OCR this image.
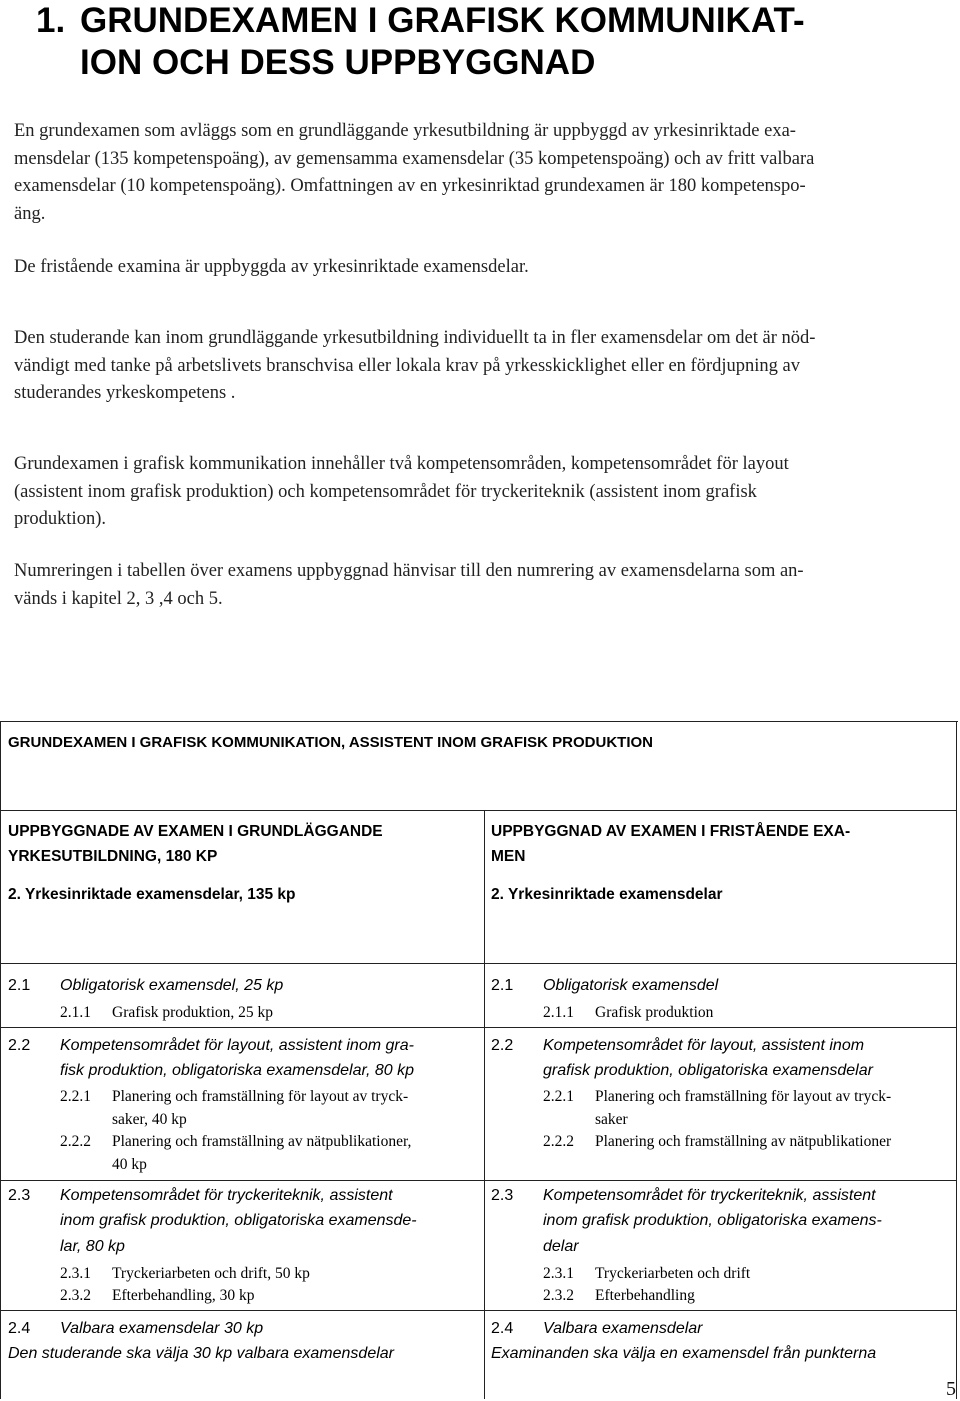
1. GRUNDEXAMEN I GRAFISK KOMMUNIKAT-
ION OCH DESS UPPBYGGNAD
En grundexamen som avläggs som en grundläggande yrkesutbildning är uppbyggd av yrkesinriktade exa-
mensdelar (135 kompetenspoäng), av gemensamma examensdelar (35 kompetenspoäng) och av fritt valbara
examensdelar (10 kompetenspoäng). Omfattningen av en yrkesinriktad grundexamen är 180 kompetenspo-
äng.
De fristående examina är uppbyggda av yrkesinriktade examensdelar.
Den studerande kan inom grundläggande yrkesutbildning individuellt ta in fler examensdelar om det är nöd-
vändigt med tanke på arbetslivets branschvisa eller lokala krav på yrkesskicklighet eller en fördjupning av
studerandes yrkeskompetens .
Grundexamen i grafisk kommunikation innehåller två kompetensområden, kompetensområdet för layout
(assistent inom grafisk produktion) och kompetensområdet för tryckeriteknik (assistent inom grafisk
produktion).
Numreringen i tabellen över examens uppbyggnad hänvisar till den numrering av examensdelarna som an-
vänds i kapitel 2, 3 ,4 och 5.
GRUNDEXAMEN I GRAFISK KOMMUNIKATION, ASSISTENT INOM GRAFISK PRODUKTION
UPPBYGGNADE AV EXAMEN I GRUNDLÄGGANDE
YRKESUTBILDNING, 180 KP
2. Yrkesinriktade examensdelar, 135 kp
UPPBYGGNAD AV EXAMEN I FRISTÅENDE EXA-
MEN
2. Yrkesinriktade examensdelar
2.1 Obligatorisk examensdel, 25 kp
2.1.1 Grafisk produktion, 25 kp
2.1 Obligatorisk examensdel
2.1.1 Grafisk produktion
2.2 Kompetensområdet för layout, assistent inom gra-
fisk produktion, obligatoriska examensdelar, 80 kp
2.2.1 Planering och framställning för layout av tryck-
saker, 40 kp
2.2.2 Planering och framställning av nätpublikationer,
40 kp
2.2 Kompetensområdet för layout, assistent inom
grafisk produktion, obligatoriska examensdelar
2.2.1 Planering och framställning för layout av tryck-
saker
2.2.2 Planering och framställning av nätpublikationer
2.3 Kompetensområdet för tryckeriteknik, assistent
inom grafisk produktion, obligatoriska examensde-
lar, 80 kp
2.3.1 Tryckeriarbeten och drift, 50 kp
2.3.2 Efterbehandling, 30 kp
2.3 Kompetensområdet för tryckeriteknik, assistent
inom grafisk produktion, obligatoriska examens-
delar
2.3.1 Tryckeriarbeten och drift
2.3.2 Efterbehandling
2.4 Valbara examensdelar 30 kp
Den studerande ska välja 30 kp valbara examensdelar
2.4 Valbara examensdelar
Examinanden ska välja en examensdel från punkterna
5
